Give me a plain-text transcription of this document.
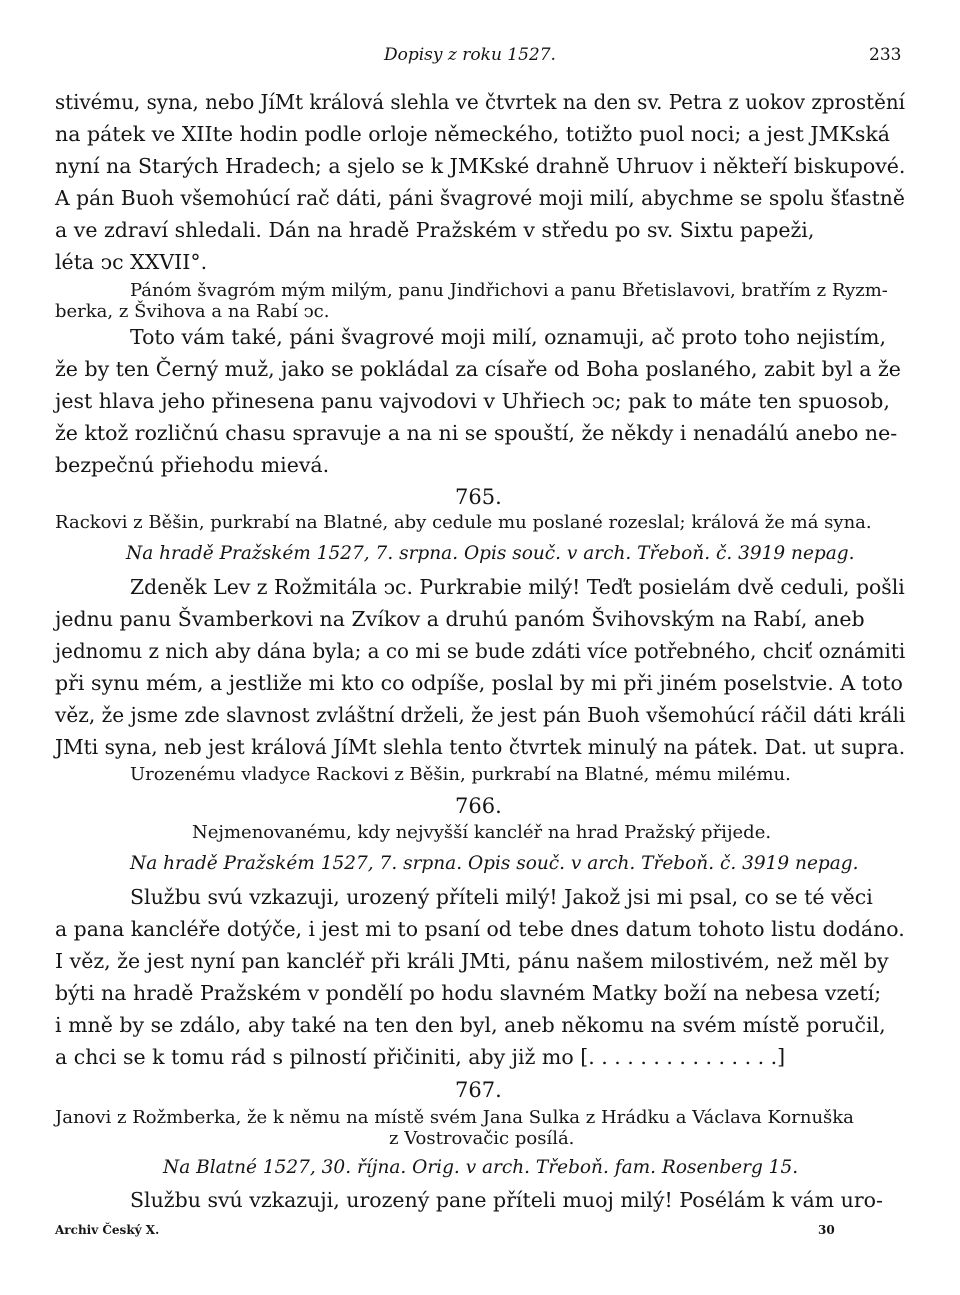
Dopisy z roku 1527.	233
stivému, syna, nebo JíMt králová slehla ve čtvrtek na den sv. Petra z uokov zprostění
na pátek ve XIIte hodin podle orloje německého, totižto puol noci; a jest JMKská
nyní na Starých Hradech; a sjelo se k JMKské drahně Uhruov i někteří biskupové.
A pán Buoh všemohúcí rač dáti, páni švagrové moji milí, abychme se spolu šťastně
a ve zdraví shledali. Dán na hradě Pražském v středu po sv. Sixtu papeži,
léta ͻc XXVII°.
Pánóm švagróm mým milým, panu Jindřichovi a panu Břetislavovi, bratřím z Ryzm-
berka, z Švihova a na Rabí ͻc.
Toto vám také, páni švagrové moji milí, oznamuji, ač proto toho nejistím,
že by ten Černý muž, jako se pokládal za císaře od Boha poslaného, zabit byl a že
jest hlava jeho přinesena panu vajvodovi v Uhřiech ͻc; pak to máte ten spuosob,
že ktož rozličnú chasu spravuje a na ni se spouští, že někdy i nenadálú anebo ne-
bezpečnú přiehodu mievá.
765.
Rackovi z Běšin, purkrabí na Blatné, aby cedule mu poslané rozeslal; králová že má syna.
Na hradě Pražském 1527, 7. srpna. Opis souč. v arch. Třeboň. č. 3919 nepag.
Zdeněk Lev z Rožmitála ͻc. Purkrabie milý! Teďt posielám dvě ceduli, pošli
jednu panu Švamberkovi na Zvíkov a druhú panóm Švihovským na Rabí, aneb
jednomu z nich aby dána byla; a co mi se bude zdáti více potřebného, chciť oznámiti
při synu mém, a jestliže mi kto co odpíše, poslal by mi při jiném poselstvie. A toto
věz, že jsme zde slavnost zvláštní drželi, že jest pán Buoh všemohúcí ráčil dáti králi
JMti syna, neb jest králová JíMt slehla tento čtvrtek minulý na pátek. Dat. ut supra.
Urozenému vladyce Rackovi z Běšin, purkrabí na Blatné, mému milému.
766.
Nejmenovanému, kdy nejvyšší kancléř na hrad Pražský přijede.
Na hradě Pražském 1527, 7. srpna. Opis souč. v arch. Třeboň. č. 3919 nepag.
Službu svú vzkazuji, urozený příteli milý! Jakož jsi mi psal, co se té věci
a pana kancléře dotýče, i jest mi to psaní od tebe dnes datum tohoto listu dodáno.
I věz, že jest nyní pan kancléř při králi JMti, pánu našem milostivém, než měl by
býti na hradě Pražském v pondělí po hodu slavném Matky boží na nebesa vzetí;
i mně by se zdálo, aby také na ten den byl, aneb někomu na svém místě poručil,
a chci se k tomu rád s pilností přičiniti, aby již mo [. . . . . . . . . . . . . . .]
767.
Janovi z Rožmberka, že k němu na místě svém Jana Sulka z Hrádku a Václava Kornuška
z Vostrovačic posílá.
Na Blatné 1527, 30. října. Orig. v arch. Třeboň. fam. Rosenberg 15.
Službu svú vzkazuji, urozený pane příteli muoj milý! Posélám k vám uro-
Archiv Český X.	30
